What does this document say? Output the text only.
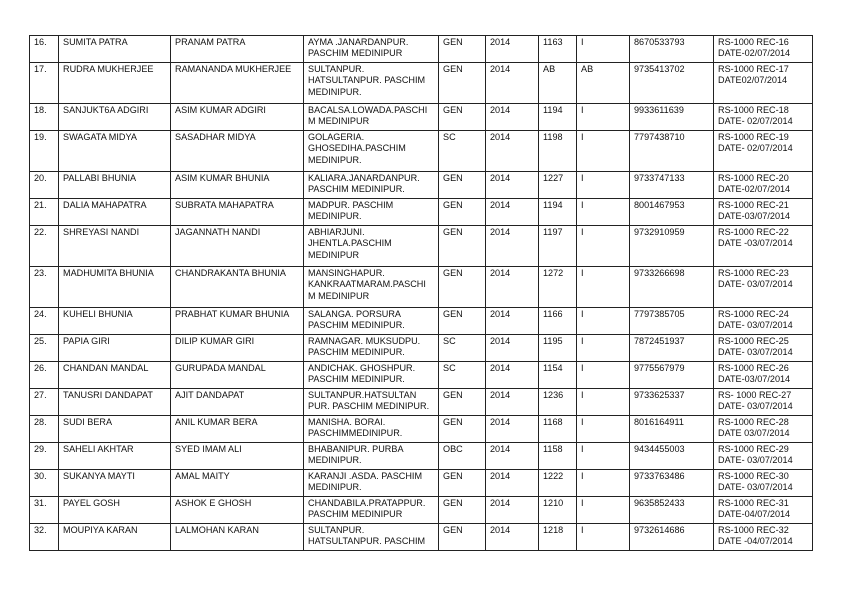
16.	SUMITA PATRA	PRANAM PATRA	AYMA .JANARDANPUR.
PASCHIM MEDINIPUR	GEN	2014	1163	I	8670533793	RS-1000 REC-16
DATE-02/07/2014
17.	RUDRA MUKHERJEE	RAMANANDA MUKHERJEE	SULTANPUR.
HATSULTANPUR. PASCHIM
MEDINIPUR.	GEN	2014	AB	AB	9735413702	RS-1000 REC-17
DATE02/07/2014
18.	SANJUKT6A ADGIRI	ASIM KUMAR ADGIRI	BACALSA.LOWADA.PASCHI
M MEDINIPUR	GEN	2014	1194	I	9933611639	RS-1000 REC-18
DATE- 02/07/2014
19.	SWAGATA MIDYA	SASADHAR MIDYA	GOLAGERIA.
GHOSEDIHA.PASCHIM
MEDINIPUR.	SC	2014	1198	I	7797438710	RS-1000 REC-19
DATE- 02/07/2014
20.	PALLABI BHUNIA	ASIM KUMAR BHUNIA	KALIARA.JANARDANPUR.
PASCHIM MEDINIPUR.	GEN	2014	1227	I	9733747133	RS-1000 REC-20
DATE-02/07/2014
21.	DALIA MAHAPATRA	SUBRATA MAHAPATRA	MADPUR. PASCHIM
MEDINIPUR.	GEN	2014	1194	I	8001467953	RS-1000 REC-21
DATE-03/07/2014
22.	SHREYASI NANDI	JAGANNATH NANDI	ABHIARJUNI.
JHENTLA.PASCHIM
MEDINIPUR	GEN	2014	1197	I	9732910959	RS-1000 REC-22
DATE -03/07/2014
23.	MADHUMITA BHUNIA	CHANDRAKANTA BHUNIA	MANSINGHAPUR.
KANKRAATMARAM.PASCHI
M MEDINIPUR	GEN	2014	1272	I	9733266698	RS-1000 REC-23
DATE- 03/07/2014
24.	KUHELI BHUNIA	PRABHAT KUMAR BHUNIA	SALANGA. PORSURA
PASCHIM MEDINIPUR.	GEN	2014	1166	I	7797385705	RS-1000 REC-24
DATE- 03/07/2014
25.	PAPIA GIRI	DILIP KUMAR GIRI	RAMNAGAR. MUKSUDPU.
PASCHIM MEDINIPUR.	SC	2014	1195	I	7872451937	RS-1000 REC-25
DATE- 03/07/2014
26.	CHANDAN MANDAL	GURUPADA MANDAL	ANDICHAK. GHOSHPUR.
PASCHIM MEDINIPUR.	SC	2014	1154	I	9775567979	RS-1000 REC-26
DATE-03/07/2014
27.	TANUSRI DANDAPAT	AJIT DANDAPAT	SULTANPUR.HATSULTAN
PUR. PASCHIM MEDINIPUR.	GEN	2014	1236	I	9733625337	RS- 1000 REC-27
DATE- 03/07/2014
28.	SUDI BERA	ANIL KUMAR BERA	MANISHA. BORAI.
PASCHIMMEDINIPUR.	GEN	2014	1168	I	8016164911	RS-1000 REC-28
DATE 03/07/2014
29.	SAHELI AKHTAR	SYED IMAM ALI	BHABANIPUR. PURBA
MEDINIPUR.	OBC	2014	1158	I	9434455003	RS-1000 REC-29
DATE- 03/07/2014
30.	SUKANYA MAYTI	AMAL MAITY	KARANJI .ASDA. PASCHIM
MEDINIPUR.	GEN	2014	1222	I	9733763486	RS-1000 REC-30
DATE- 03/07/2014
31.	PAYEL GOSH	ASHOK E GHOSH	CHANDABILA.PRATAPPUR.
PASCHIM MEDINIPUR	GEN	2014	1210	I	9635852433	RS-1000 REC-31
DATE-04/07/2014
32.	MOUPIYA KARAN	LALMOHAN KARAN	SULTANPUR.
HATSULTANPUR. PASCHIM	GEN	2014	1218	I	9732614686	RS-1000 REC-32
DATE -04/07/2014
